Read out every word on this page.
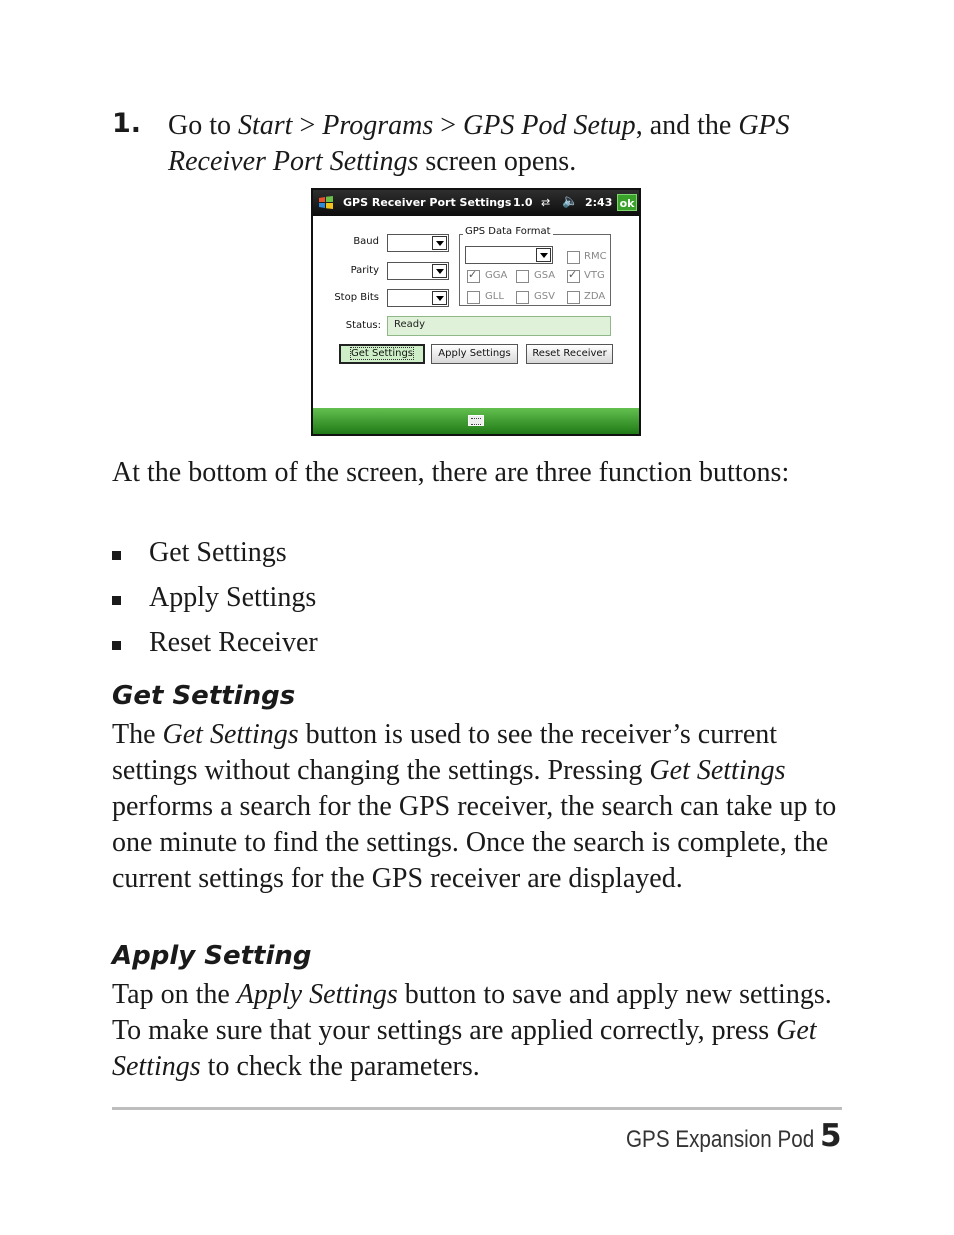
1. Go to Start > Programs > GPS Pod Setup, and the GPS Receiver Port Settings screen opens.
GPS Receiver Port Settings 1.0 ⇄ 🔈 2:43 ok
Baud
Parity
Stop Bits
GPS Data Format
RMC
✓
GGA	GSA
✓	VTG
GLL	GSV	ZDA
Status:	Ready
Get Settings	Apply Settings	Reset Receiver
At the bottom of the screen, there are three function buttons:
Get Settings
Apply Settings
Reset Receiver
Get Settings
The Get Settings button is used to see the receiver’s current settings without changing the settings. Pressing Get Settings performs a search for the GPS receiver, the search can take up to one minute to find the settings. Once the search is complete, the current settings for the GPS receiver are displayed.
Apply Setting
Tap on the Apply Settings button to save and apply new settings. To make sure that your settings are applied correctly, press Get Settings to check the parameters.
GPS Expansion Pod 5
